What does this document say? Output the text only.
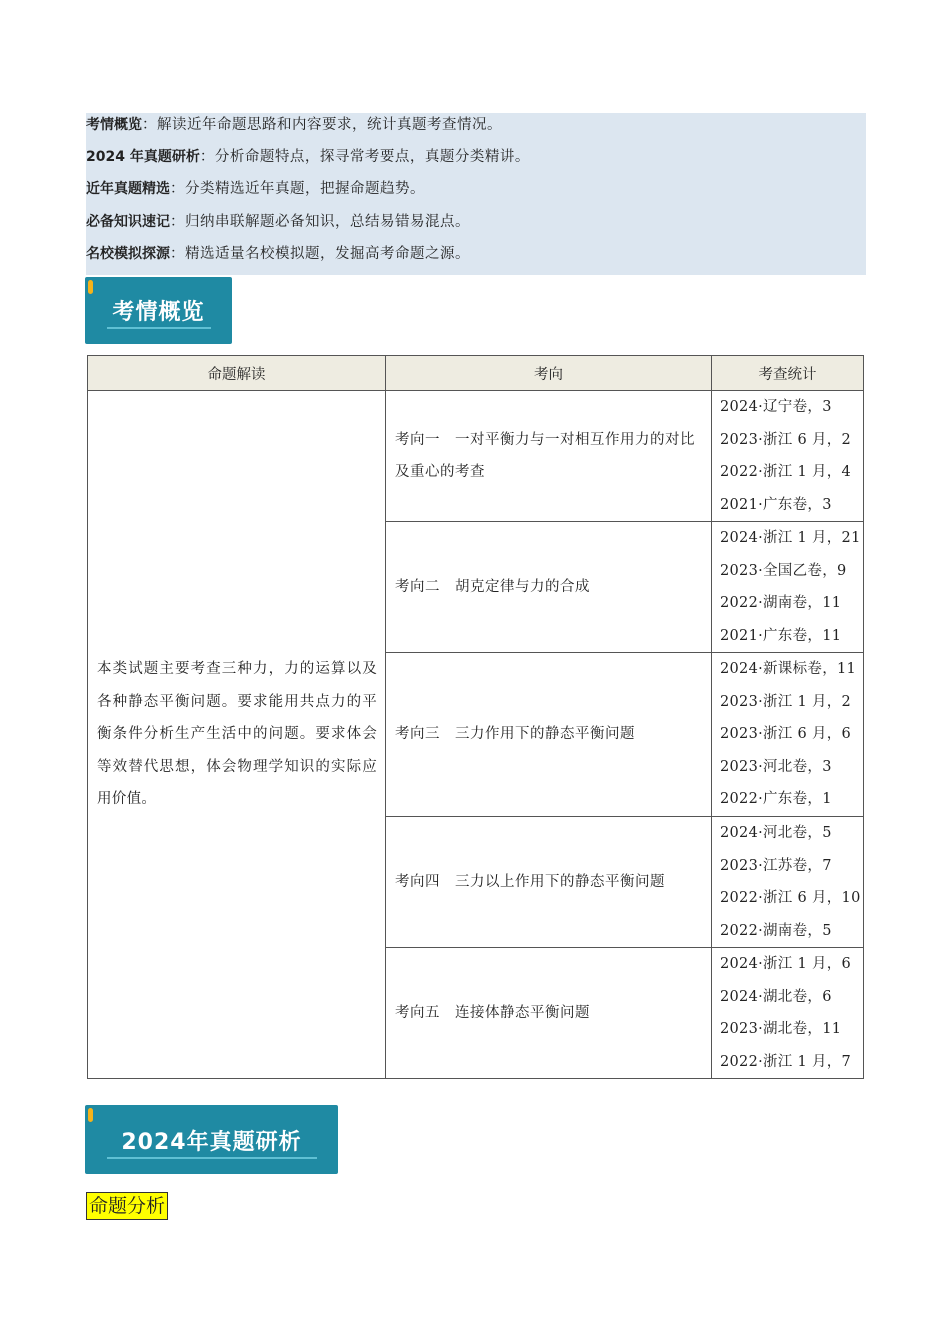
考情概览：解读近年命题思路和内容要求，统计真题考查情况。
2024 年真题研析：分析命题特点，探寻常考要点，真题分类精讲。
近年真题精选：分类精选近年真题，把握命题趋势。
必备知识速记：归纳串联解题必备知识，总结易错易混点。
名校模拟探源：精选适量名校模拟题，发掘高考命题之源。
考情概览
命题解读	考向	考查统计
本类试题主要考查三种力，力的运算以及各种静态平衡问题。要求能用共点力的平衡条件分析生产生活中的问题。要求体会等效替代思想，体会物理学知识的实际应用价值。	考向一　一对平衡力与一对相互作用力的对比及重心的考查	2024·辽宁卷，3
2023·浙江 6 月，2
2022·浙江 1 月，4
2021·广东卷，3

	考向二　胡克定律与力的合成	2024·浙江 1 月，21
2023·全国乙卷，9
2022·湖南卷，11
2021·广东卷，11

	考向三　三力作用下的静态平衡问题	2024·新课标卷，11
2023·浙江 1 月，2
2023·浙江 6 月，6
2023·河北卷，3
2022·广东卷，1

	考向四　三力以上作用下的静态平衡问题	2024·河北卷，5
2023·江苏卷，7
2022·浙江 6 月，10
2022·湖南卷，5

	考向五　连接体静态平衡问题	2024·浙江 1 月，6
2024·湖北卷，6
2023·湖北卷，11
2022·浙江 1 月，7
2024年真题研析
命题分析
